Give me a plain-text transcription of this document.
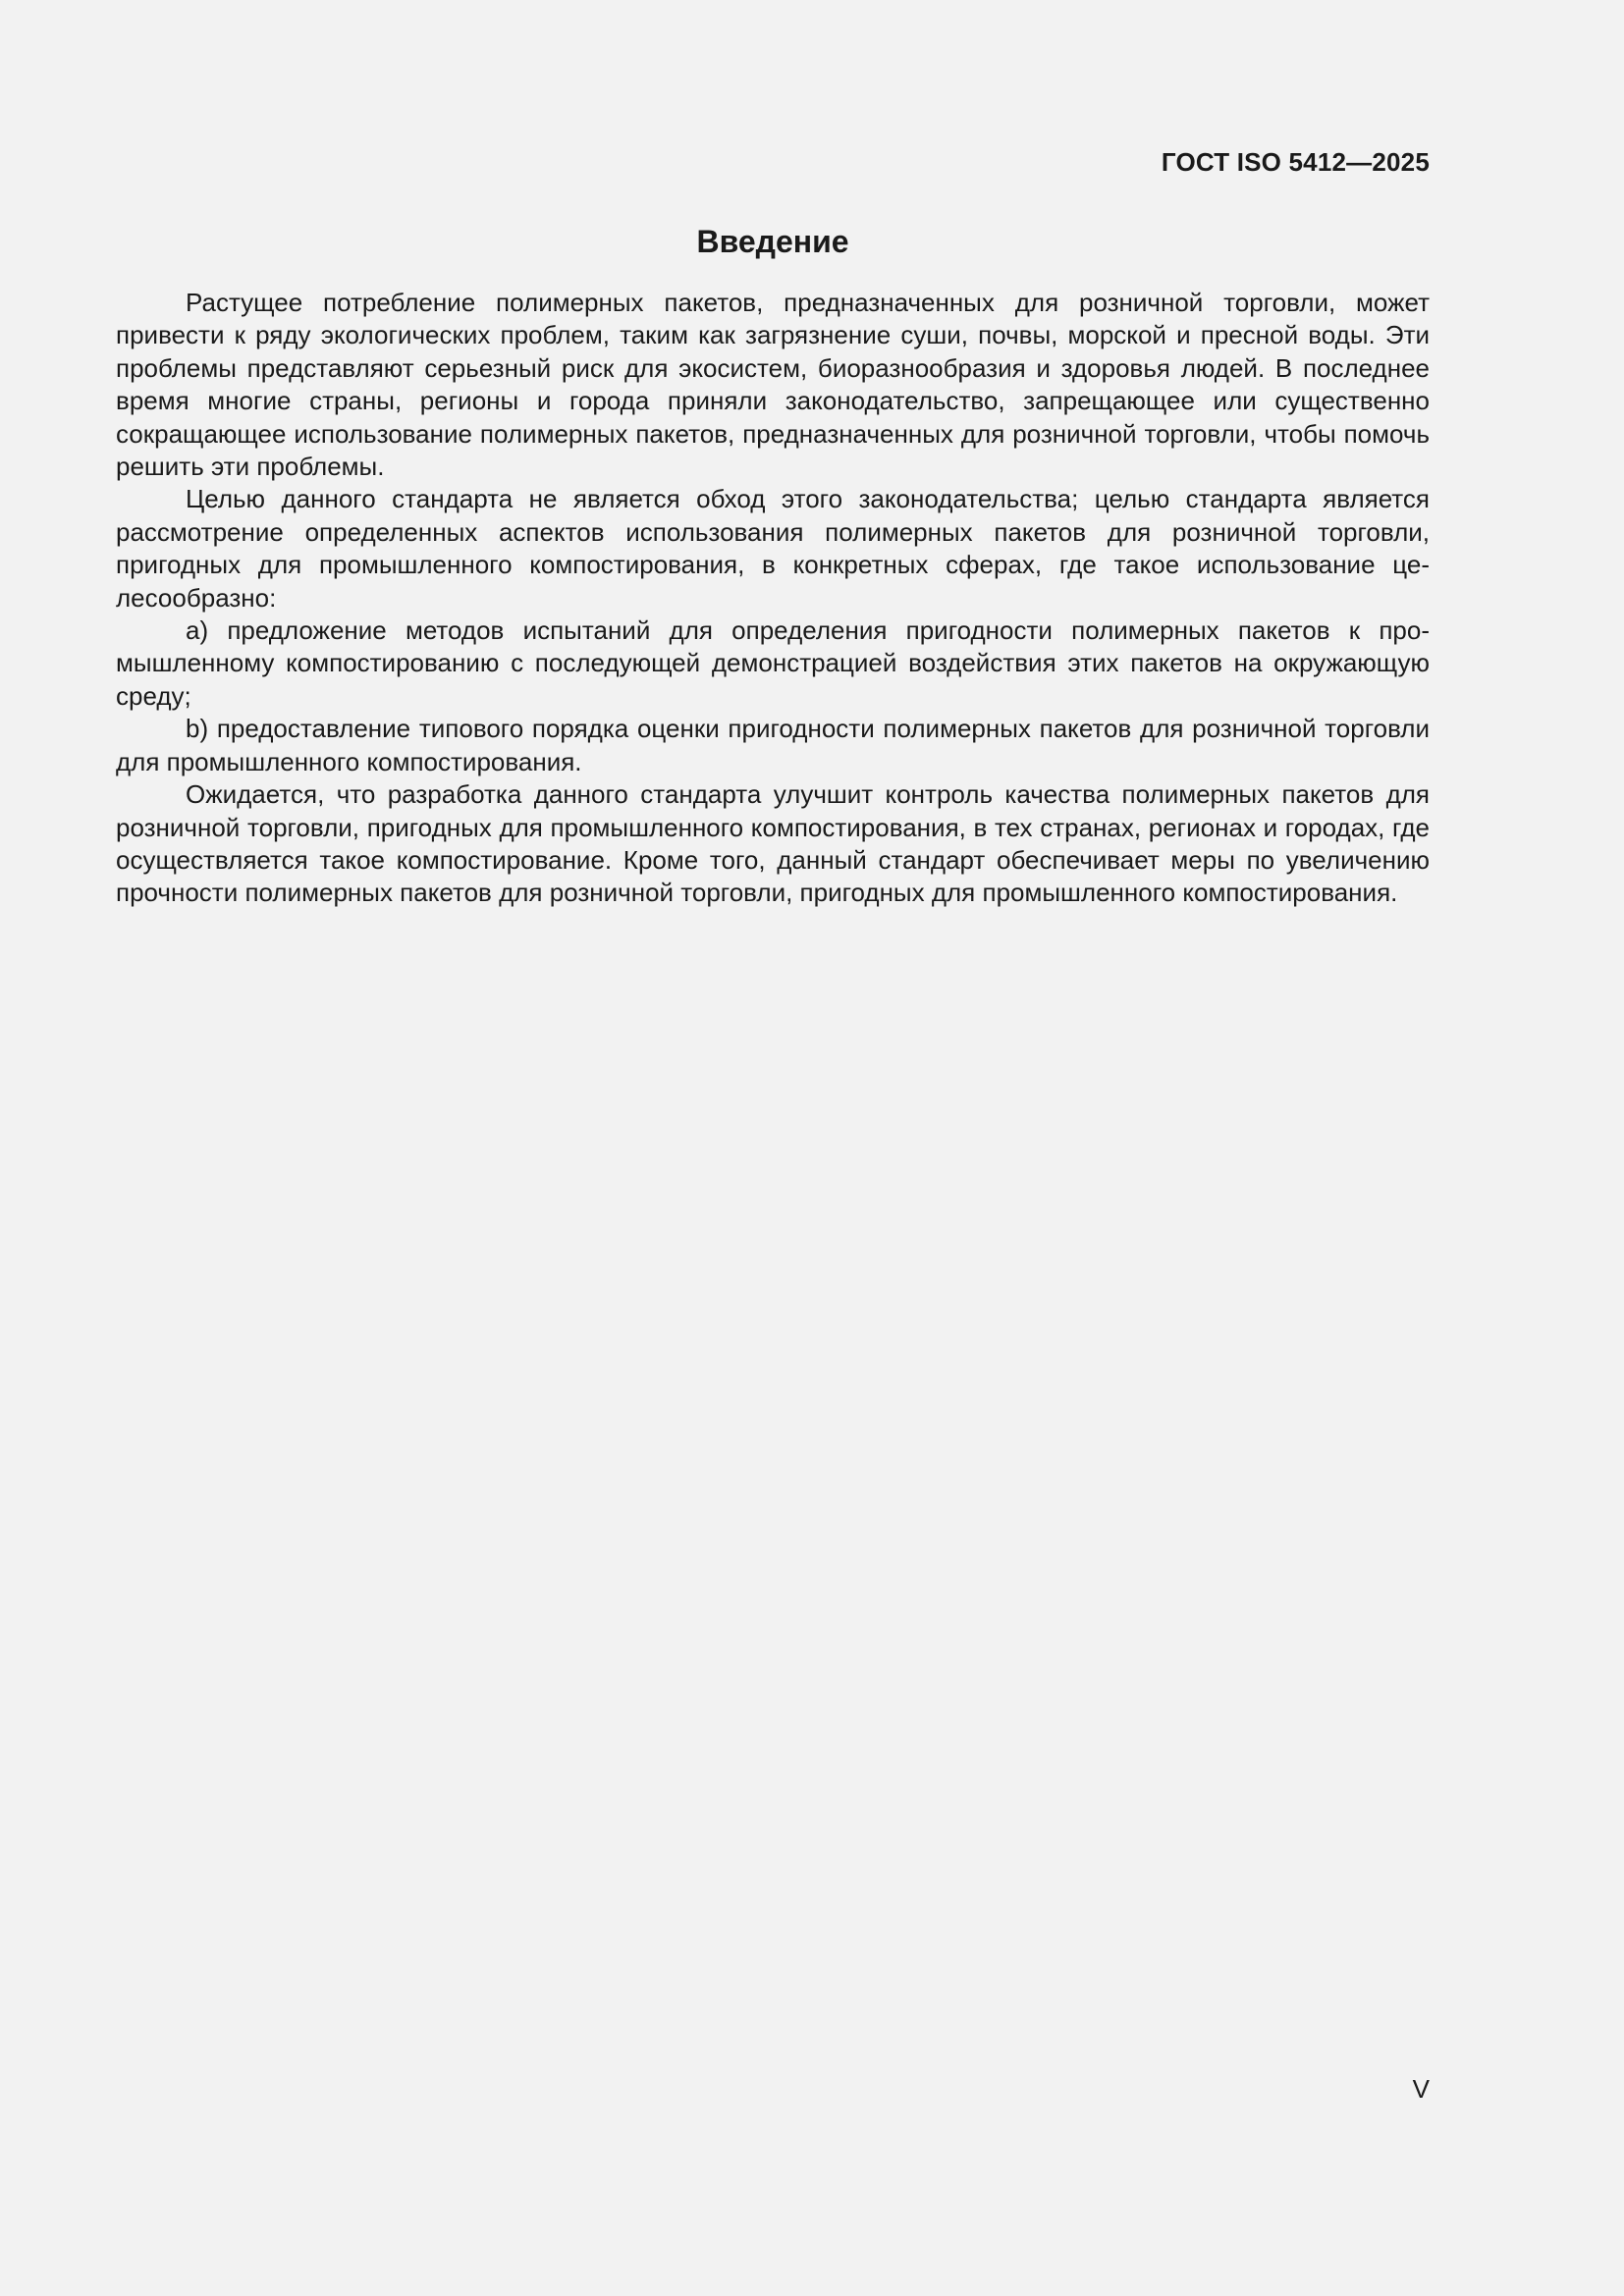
ГОСТ ISO 5412—2025

Введение

Растущее потребление полимерных пакетов, предназначенных для розничной торговли, может привести к ряду экологических проблем, таким как загрязнение суши, почвы, морской и пресной воды. Эти проблемы представляют серьезный риск для экосистем, биоразнообразия и здоровья людей. В последнее время многие страны, регионы и города приняли законодательство, запрещающее или существенно сокращающее использование полимерных пакетов, предназначенных для розничной торговли, чтобы помочь решить эти проблемы.

Целью данного стандарта не является обход этого законодательства; целью стандарта является рассмотрение определенных аспектов использования полимерных пакетов для розничной торговли, пригодных для промышленного компостирования, в конкретных сферах, где такое использование целесообразно:

a) предложение методов испытаний для определения пригодности полимерных пакетов к промышленному компостированию с последующей демонстрацией воздействия этих пакетов на окружающую среду;

b) предоставление типового порядка оценки пригодности полимерных пакетов для розничной торговли для промышленного компостирования.

Ожидается, что разработка данного стандарта улучшит контроль качества полимерных пакетов для розничной торговли, пригодных для промышленного компостирования, в тех странах, регионах и городах, где осуществляется такое компостирование. Кроме того, данный стандарт обеспечивает меры по увеличению прочности полимерных пакетов для розничной торговли, пригодных для промышленного компостирования.

V
